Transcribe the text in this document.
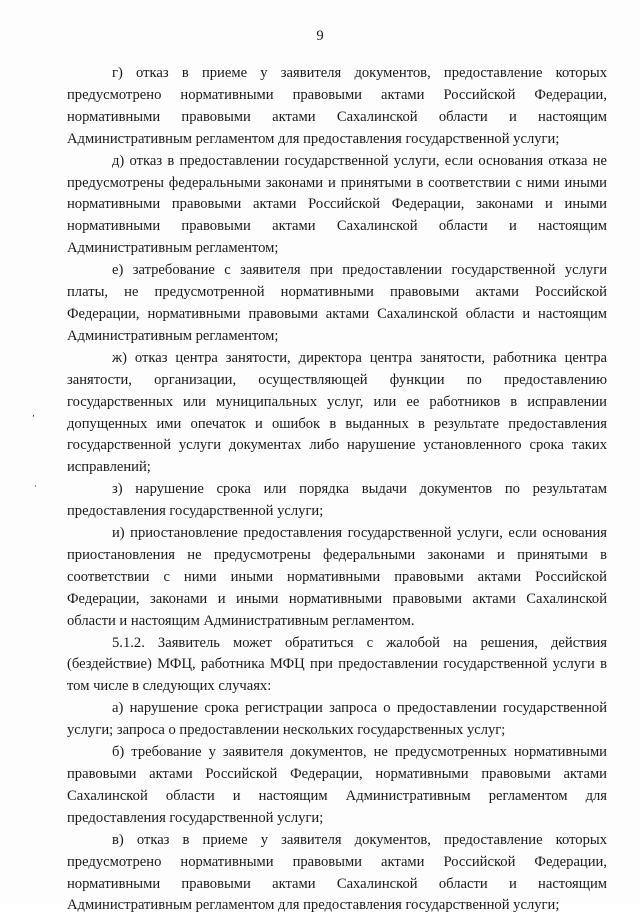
9

г) отказ в приеме у заявителя документов, предоставление которых предусмотрено нормативными правовыми актами Российской Федерации, нормативными правовыми актами Сахалинской области и настоящим Административным регламентом для предоставления государственной услуги;

д) отказ в предоставлении государственной услуги, если основания отказа не предусмотрены федеральными законами и принятыми в соответствии с ними иными нормативными правовыми актами Российской Федерации, законами и иными нормативными правовыми актами Сахалинской области и настоящим Административным регламентом;

е) затребование с заявителя при предоставлении государственной услуги платы, не предусмотренной нормативными правовыми актами Российской Федерации, нормативными правовыми актами Сахалинской области и настоящим Административным регламентом;

ж) отказ центра занятости, директора центра занятости, работника центра занятости, организации, осуществляющей функции по предоставлению государственных или муниципальных услуг, или ее работников в исправлении допущенных ими опечаток и ошибок в выданных в результате предоставления государственной услуги документах либо нарушение установленного срока таких исправлений;

з) нарушение срока или порядка выдачи документов по результатам предоставления государственной услуги;

и) приостановление предоставления государственной услуги, если основания приостановления не предусмотрены федеральными законами и принятыми в соответствии с ними иными нормативными правовыми актами Российской Федерации, законами и иными нормативными правовыми актами Сахалинской области и настоящим Административным регламентом.

5.1.2. Заявитель может обратиться с жалобой на решения, действия (бездействие) МФЦ, работника МФЦ при предоставлении государственной услуги в том числе в следующих случаях:

а) нарушение срока регистрации запроса о предоставлении государственной услуги; запроса о предоставлении нескольких государственных услуг;

б) требование у заявителя документов, не предусмотренных нормативными правовыми актами Российской Федерации, нормативными правовыми актами Сахалинской области и настоящим Административным регламентом для предоставления государственной услуги;

в) отказ в приеме у заявителя документов, предоставление которых предусмотрено нормативными правовыми актами Российской Федерации, нормативными правовыми актами Сахалинской области и настоящим Административным регламентом для предоставления государственной услуги;

,
·
